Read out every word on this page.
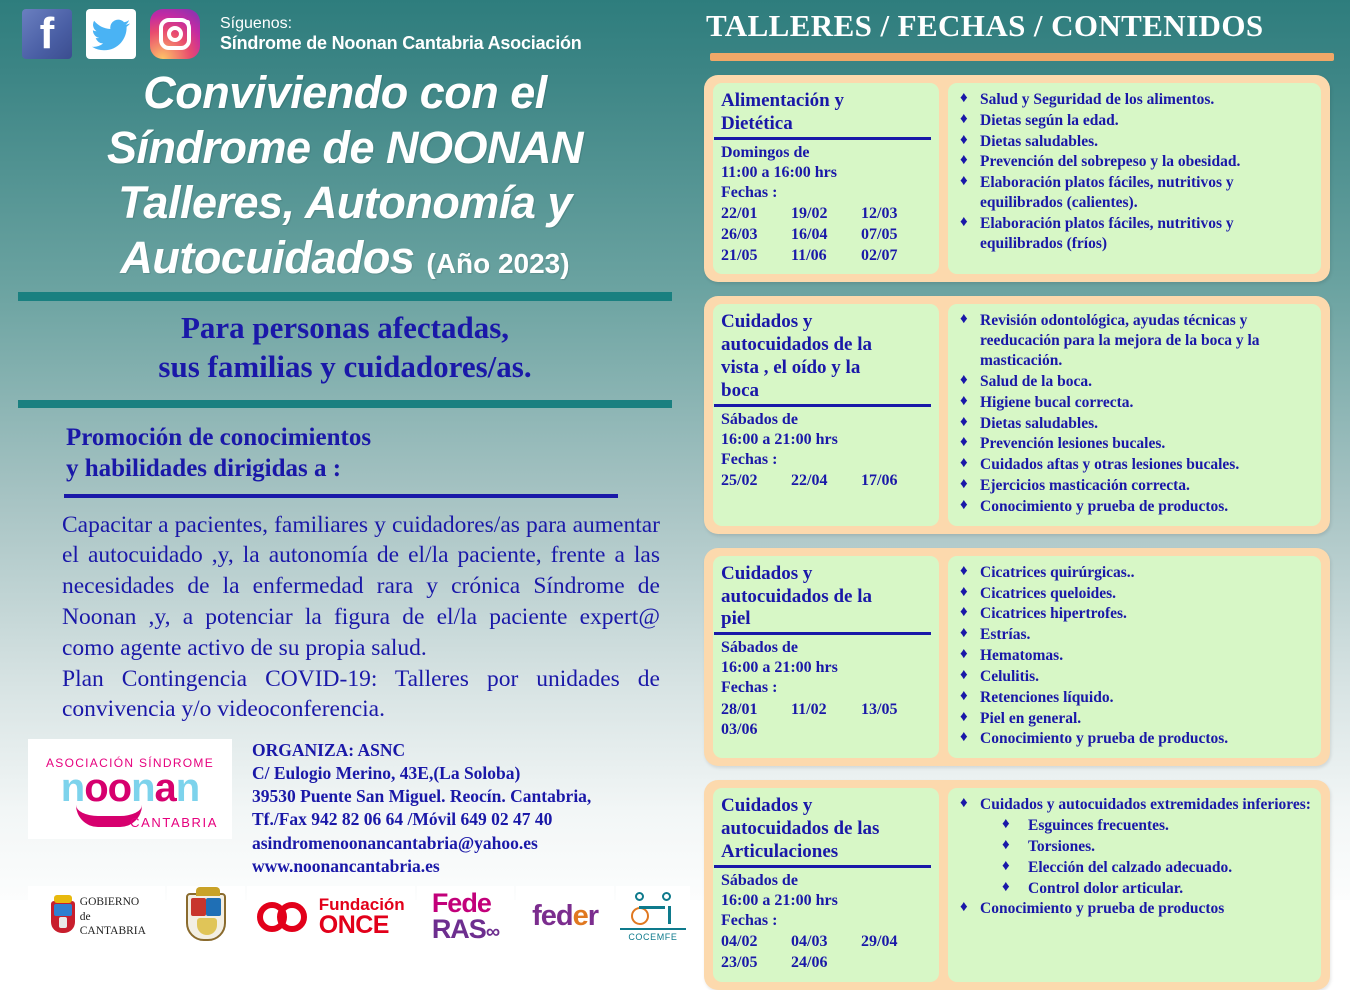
f	Síguenos:
Síndrome de Noonan Cantabria Asociación
Conviviendo con el
Síndrome de NOONAN
Talleres, Autonomía y
Autocuidados (Año 2023)
Para personas afectadas,
sus familias y cuidadores/as.
Promoción de conocimientos
y habilidades dirigidas a :

Capacitar a pacientes, familiares y cuidadores/as para aumentar el autocuidado ,y, la autonomía de el/la paciente, frente a las necesidades de la enfermedad rara y crónica Síndrome de Noonan ,y, a potenciar la figura de el/la paciente expert@ como agente activo de su propia salud.

Plan Contingencia COVID-19: Talleres por unidades de convivencia y/o videoconferencia.

ASOCIACIÓN SÍNDROME
noonan
CANTABRIA
ORGANIZA: ASNC
C/ Eulogio Merino, 43E,(La Soloba)
39530 Puente San Miguel. Reocín. Cantabria,
Tf./Fax 942 82 06 64 /Móvil 649 02 47 40
asindromenoonancantabria@yahoo.es
www.noonancantabria.es
GOBIERNO
de
CANTABRIA
Fundación
ONCE
Fede
RAS∞ feder
COCEMFE
TALLERES / FECHAS / CONTENIDOS
Alimentación y
Dietética
Domingos de
11:00 a 16:00 hrs
Fechas :
22/01	19/02	12/03
26/03	16/04	07/05
21/05	11/06	02/07
♦ Salud y Seguridad de los alimentos.
♦ Dietas según la edad.
♦ Dietas saludables.
♦ Prevención del sobrepeso y la obesidad.
♦ Elaboración platos fáciles, nutritivos y equilibrados (calientes).
♦ Elaboración platos fáciles, nutritivos y equilibrados (fríos)
Cuidados y
autocuidados de la
vista , el oído y la
boca
Sábados de
16:00 a 21:00 hrs
Fechas :
25/02	22/04	17/06
♦ Revisión odontológica, ayudas técnicas y reeducación para la mejora de la boca y la masticación.
♦ Salud de la boca.
♦ Higiene bucal correcta.
♦ Dietas saludables.
♦ Prevención lesiones bucales.
♦ Cuidados aftas y otras lesiones bucales.
♦ Ejercicios masticación correcta.
♦ Conocimiento y prueba de productos.
Cuidados y
autocuidados de la
piel
Sábados de
16:00 a 21:00 hrs
Fechas :
28/01	11/02	13/05
03/06
♦ Cicatrices quirúrgicas..
♦ Cicatrices queloides.
♦ Cicatrices hipertrofes.
♦ Estrías.
♦ Hematomas.
♦ Celulitis.
♦ Retenciones líquido.
♦ Piel en general.
♦ Conocimiento y prueba de productos.
Cuidados y
autocuidados de las
Articulaciones
Sábados de
16:00 a 21:00 hrs
Fechas :
04/02	04/03	29/04
23/05	24/06
♦ Cuidados y autocuidados extremidades inferiores:
♦ Esguinces frecuentes.
♦ Torsiones.
♦ Elección del calzado adecuado.
♦ Control dolor articular.
♦ Conocimiento y prueba de productos
